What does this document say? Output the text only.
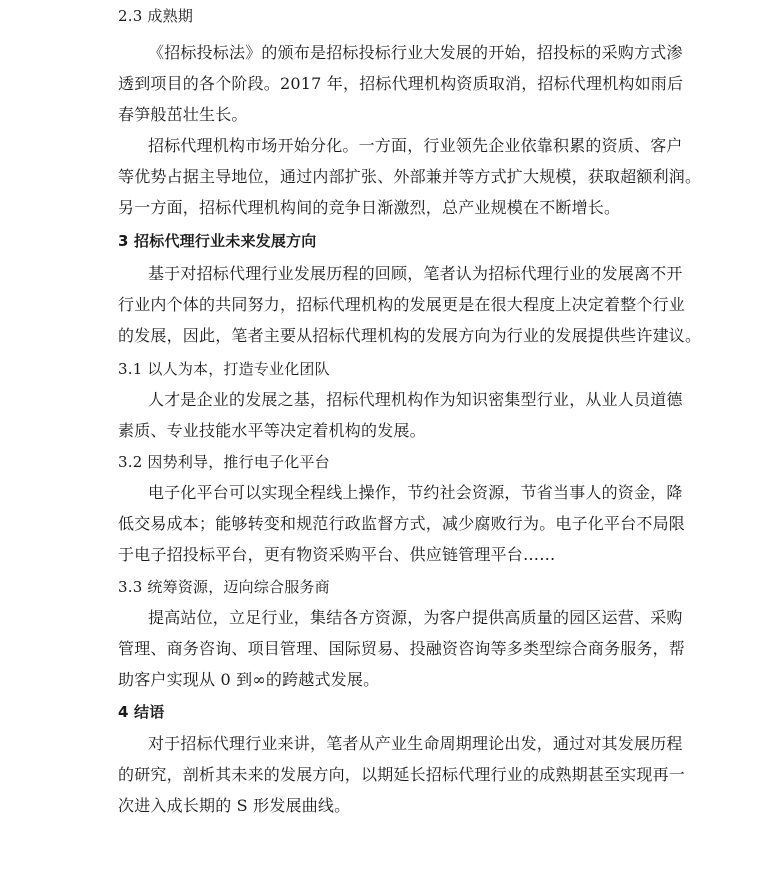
2.3 成熟期

《招标投标法》的颁布是招标投标行业大发展的开始，招投标的采购方式渗

透到项目的各个阶段。2017 年，招标代理机构资质取消，招标代理机构如雨后

春笋般茁壮生长。

招标代理机构市场开始分化。一方面，行业领先企业依靠积累的资质、客户

等优势占据主导地位，通过内部扩张、外部兼并等方式扩大规模，获取超额利润。

另一方面，招标代理机构间的竞争日渐激烈，总产业规模在不断增长。

3 招标代理行业未来发展方向

基于对招标代理行业发展历程的回顾，笔者认为招标代理行业的发展离不开

行业内个体的共同努力，招标代理机构的发展更是在很大程度上决定着整个行业

的发展，因此，笔者主要从招标代理机构的发展方向为行业的发展提供些许建议。

3.1 以人为本，打造专业化团队

人才是企业的发展之基，招标代理机构作为知识密集型行业，从业人员道德

素质、专业技能水平等决定着机构的发展。

3.2 因势利导，推行电子化平台

电子化平台可以实现全程线上操作，节约社会资源，节省当事人的资金，降

低交易成本；能够转变和规范行政监督方式，减少腐败行为。电子化平台不局限

于电子招投标平台，更有物资采购平台、供应链管理平台……

3.3 统筹资源，迈向综合服务商

提高站位，立足行业，集结各方资源，为客户提供高质量的园区运营、采购

管理、商务咨询、项目管理、国际贸易、投融资咨询等多类型综合商务服务，帮

助客户实现从 0 到∞的跨越式发展。

4 结语

对于招标代理行业来讲，笔者从产业生命周期理论出发，通过对其发展历程

的研究，剖析其未来的发展方向，以期延长招标代理行业的成熟期甚至实现再一

次进入成长期的 S 形发展曲线。
